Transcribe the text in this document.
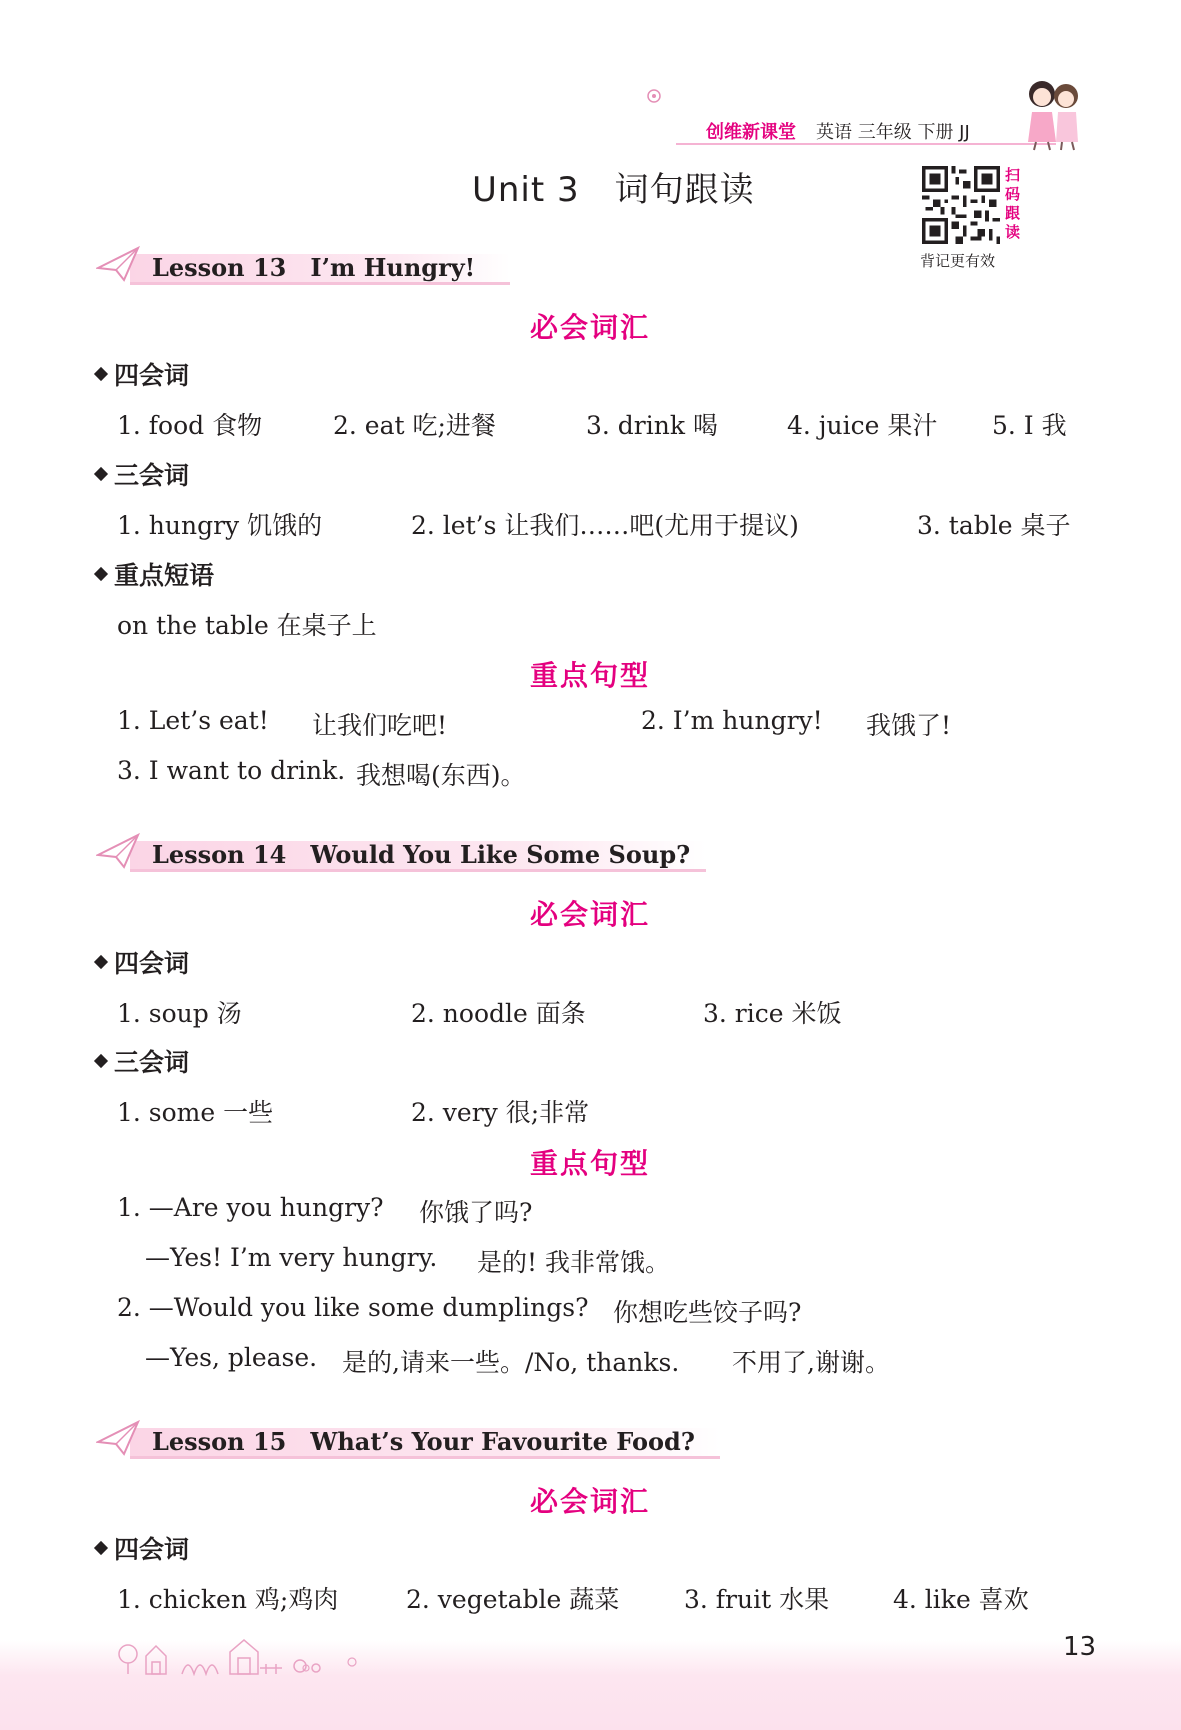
创维新课堂 英语 三年级 下册 JJ
Unit 3　词句跟读	扫
码
跟
读
背记更有效
Lesson 13　I’m Hungry!
必会词汇
四会词
1. food 食物	2. eat 吃;进餐	3. drink 喝	4. juice 果汁 5. I 我
三会词
1. hungry 饥饿的	2. let’s 让我们……吧(尤用于提议)	3. table 桌子
重点短语
on the table 在桌子上
重点句型
1. Let’s eat! 让我们吃吧!	2. I’m hungry! 我饿了!
3. I want to drink. 我想喝(东西)。
Lesson 14　Would You Like Some Soup?
必会词汇
四会词
1. soup 汤	2. noodle 面条	3. rice 米饭
三会词
1. some 一些	2. very 很;非常
重点句型
1. —Are you hungry? 你饿了吗?
—Yes! I’m very hungry. 是的! 我非常饿。
2. —Would you like some dumplings? 你想吃些饺子吗?
—Yes, please. 是的,请来一些。/No, thanks. 不用了,谢谢。
Lesson 15　What’s Your Favourite Food?
必会词汇
四会词
1. chicken 鸡;鸡肉	2. vegetable 蔬菜	3. fruit 水果	4. like 喜欢
13
